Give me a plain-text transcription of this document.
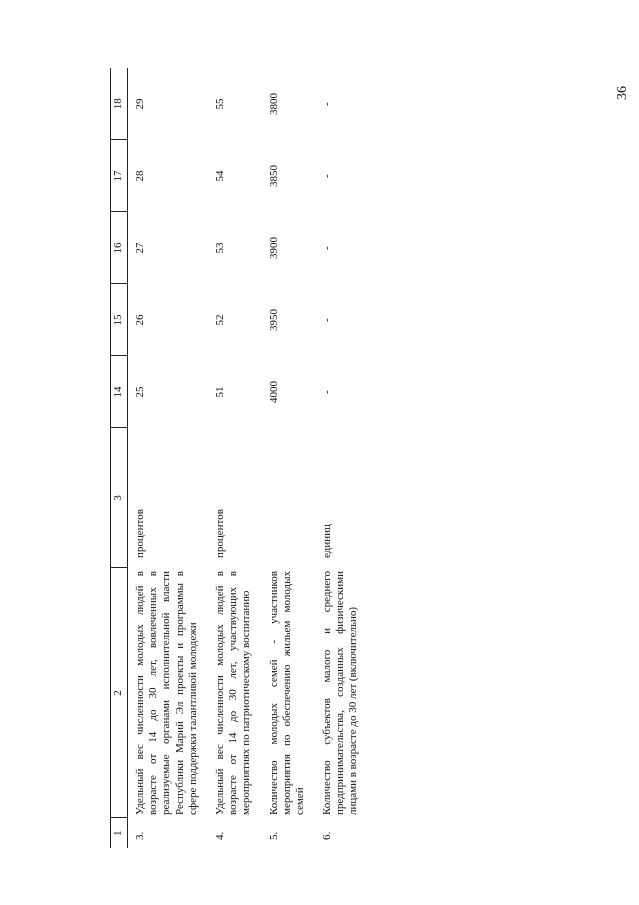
36
1	2	3	14	15	16	17	18
3.	Удельный вес численности молодых людей в возрасте от 14 до 30 лет, вовлеченных в реализуемые органами исполнительной власти Республики Марий Эл проекты и программы в сфере поддержки талантливой молодежи	процентов	25	26	27	28	29
4.	Удельный вес численности молодых людей в возрасте от 14 до 30 лет, участвующих в мероприятиях по патриотическому воспитанию	процентов	51	52	53	54	55
5.	Количество молодых семей - участников мероприятия по обеспечению жильем молодых семей		4000	3950	3900	3850	3800
6.	Количество субъектов малого и среднего предпринимательства, созданных физическими лицами в возрасте до 30 лет (включительно)	единиц	-	-	-	-	-
